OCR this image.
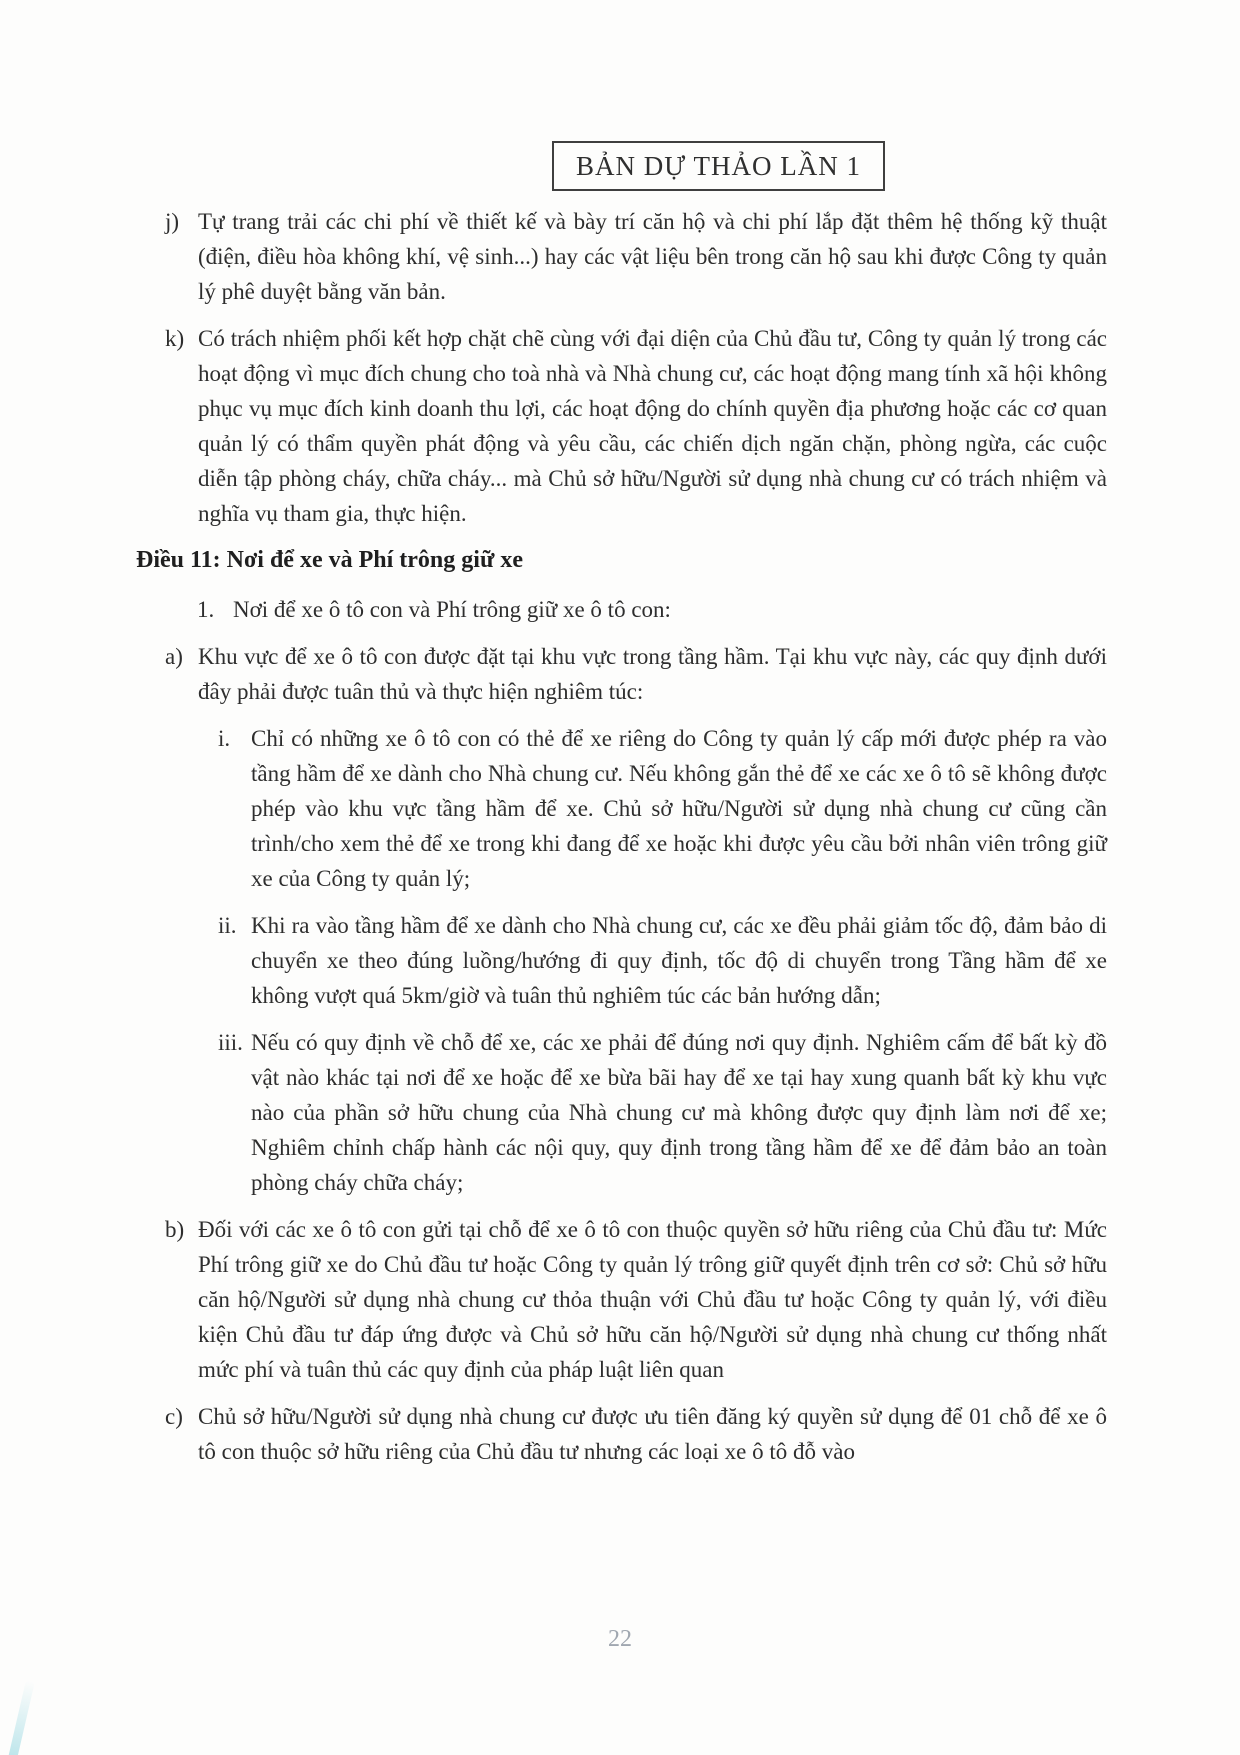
BẢN DỰ THẢO LẦN 1
j) Tự trang trải các chi phí về thiết kế và bày trí căn hộ và chi phí lắp đặt thêm hệ thống kỹ thuật (điện, điều hòa không khí, vệ sinh...) hay các vật liệu bên trong căn hộ sau khi được Công ty quản lý phê duyệt bằng văn bản.
k) Có trách nhiệm phối kết hợp chặt chẽ cùng với đại diện của Chủ đầu tư, Công ty quản lý trong các hoạt động vì mục đích chung cho toà nhà và Nhà chung cư, các hoạt động mang tính xã hội không phục vụ mục đích kinh doanh thu lợi, các hoạt động do chính quyền địa phương hoặc các cơ quan quản lý có thẩm quyền phát động và yêu cầu, các chiến dịch ngăn chặn, phòng ngừa, các cuộc diễn tập phòng cháy, chữa cháy... mà Chủ sở hữu/Người sử dụng nhà chung cư có trách nhiệm và nghĩa vụ tham gia, thực hiện.
Điều 11: Nơi để xe và Phí trông giữ xe
1. Nơi để xe ô tô con và Phí trông giữ xe ô tô con:
a) Khu vực để xe ô tô con được đặt tại khu vực trong tầng hầm. Tại khu vực này, các quy định dưới đây phải được tuân thủ và thực hiện nghiêm túc:
i. Chỉ có những xe ô tô con có thẻ để xe riêng do Công ty quản lý cấp mới được phép ra vào tầng hầm để xe dành cho Nhà chung cư. Nếu không gắn thẻ để xe các xe ô tô sẽ không được phép vào khu vực tầng hầm để xe. Chủ sở hữu/Người sử dụng nhà chung cư cũng cần trình/cho xem thẻ để xe trong khi đang để xe hoặc khi được yêu cầu bởi nhân viên trông giữ xe của Công ty quản lý;
ii. Khi ra vào tầng hầm để xe dành cho Nhà chung cư, các xe đều phải giảm tốc độ, đảm bảo di chuyển xe theo đúng luồng/hướng đi quy định, tốc độ di chuyển trong Tầng hầm để xe không vượt quá 5km/giờ và tuân thủ nghiêm túc các bản hướng dẫn;
iii. Nếu có quy định về chỗ để xe, các xe phải để đúng nơi quy định. Nghiêm cấm để bất kỳ đồ vật nào khác tại nơi để xe hoặc để xe bừa bãi hay để xe tại hay xung quanh bất kỳ khu vực nào của phần sở hữu chung của Nhà chung cư mà không được quy định làm nơi để xe; Nghiêm chỉnh chấp hành các nội quy, quy định trong tầng hầm để xe để đảm bảo an toàn phòng cháy chữa cháy;
b) Đối với các xe ô tô con gửi tại chỗ để xe ô tô con thuộc quyền sở hữu riêng của Chủ đầu tư: Mức Phí trông giữ xe do Chủ đầu tư hoặc Công ty quản lý trông giữ quyết định trên cơ sở: Chủ sở hữu căn hộ/Người sử dụng nhà chung cư thỏa thuận với Chủ đầu tư hoặc Công ty quản lý, với điều kiện Chủ đầu tư đáp ứng được và Chủ sở hữu căn hộ/Người sử dụng nhà chung cư thống nhất mức phí và tuân thủ các quy định của pháp luật liên quan
c) Chủ sở hữu/Người sử dụng nhà chung cư được ưu tiên đăng ký quyền sử dụng để 01 chỗ để xe ô tô con thuộc sở hữu riêng của Chủ đầu tư nhưng các loại xe ô tô đỗ vào
22
